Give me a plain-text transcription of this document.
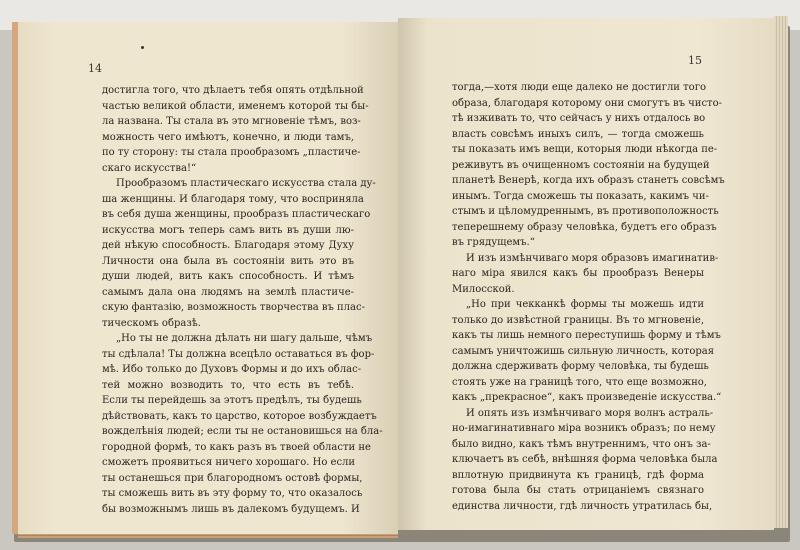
14
15
достигла того, что дѣлаетъ тебя опять отдѣльной
частью великой области, именемъ которой ты бы-
ла названа. Ты стала въ это мгновеніе тѣмъ, воз-
можность чего имѣютъ, конечно, и люди тамъ,
по ту сторону: ты стала прообразомъ „пластиче-
скаго искусства!“
Прообразомъ пластическаго искусства стала ду-
ша женщины. И благодаря тому, что восприняла
въ себя душа женщины, прообразъ пластическаго
искусства могъ теперь самъ вить въ души лю-
дей нѣкую способность. Благодаря этому Духу
Личности она была въ состояніи вить это въ
души людей, вить какъ способность. И тѣмъ
самымъ дала она людямъ на землѣ пластиче-
скую фантазію, возможность творчества въ плас-
тическомъ образѣ.
„Но ты не должна дѣлать ни шагу дальше, чѣмъ
ты сдѣлала! Ты должна всецѣло оставаться въ фор-
мѣ. Ибо только до Духовъ Формы и до ихъ облас-
тей можно возводить то, что есть въ тебѣ.
Если ты перейдешь за этотъ предѣлъ, ты будешь
дѣйствовать, какъ то царство, которое возбуждаетъ
вожделѣнія людей; если ты не остановишься на бла-
городной формѣ, то какъ разъ въ твоей области не
сможетъ проявиться ничего хорошаго. Но если
ты останешься при благородномъ остовѣ формы,
ты сможешь вить въ эту форму то, что оказалось
бы возможнымъ лишь въ далекомъ будущемъ. И
тогда,—хотя люди еще далеко не достигли того
образа, благодаря которому они смогутъ въ чисто-
тѣ изживать то, что сейчасъ у нихъ отдалось во
власть совсѣмъ иныхъ силъ, — тогда сможешь
ты показать имъ вещи, которыя люди нѣкогда пе-
реживутъ въ очищенномъ состояніи на будущей
планетѣ Венерѣ, когда ихъ образъ станетъ совсѣмъ
инымъ. Тогда сможешь ты показать, какимъ чи-
стымъ и цѣломудреннымъ, въ противоположность
теперешнему образу человѣка, будетъ его образъ
въ грядущемъ.“
И изъ измѣнчиваго моря образовъ имагинатив-
наго міра явился какъ бы прообразъ Венеры
Милосской.
„Но при чекканкѣ формы ты можешь идти
только до извѣстной границы. Въ то мгновеніе,
какъ ты лишь немного переступишь форму и тѣмъ
самымъ уничтожишь сильную личность, которая
должна сдерживать форму человѣка, ты будешь
стоять уже на границѣ того, что еще возможно,
какъ „прекрасное“, какъ произведеніе искусства.“
И опять изъ измѣнчиваго моря волнъ астраль-
но-имагинативнаго міра возникъ образъ; по нему
было видно, какъ тѣмъ внутреннимъ, что онъ за-
ключаетъ въ себѣ, внѣшняя форма человѣка была
вплотную придвинута къ границѣ, гдѣ форма
готова была бы стать отрицаніемъ связнаго
единства личности, гдѣ личность утратилась бы,
